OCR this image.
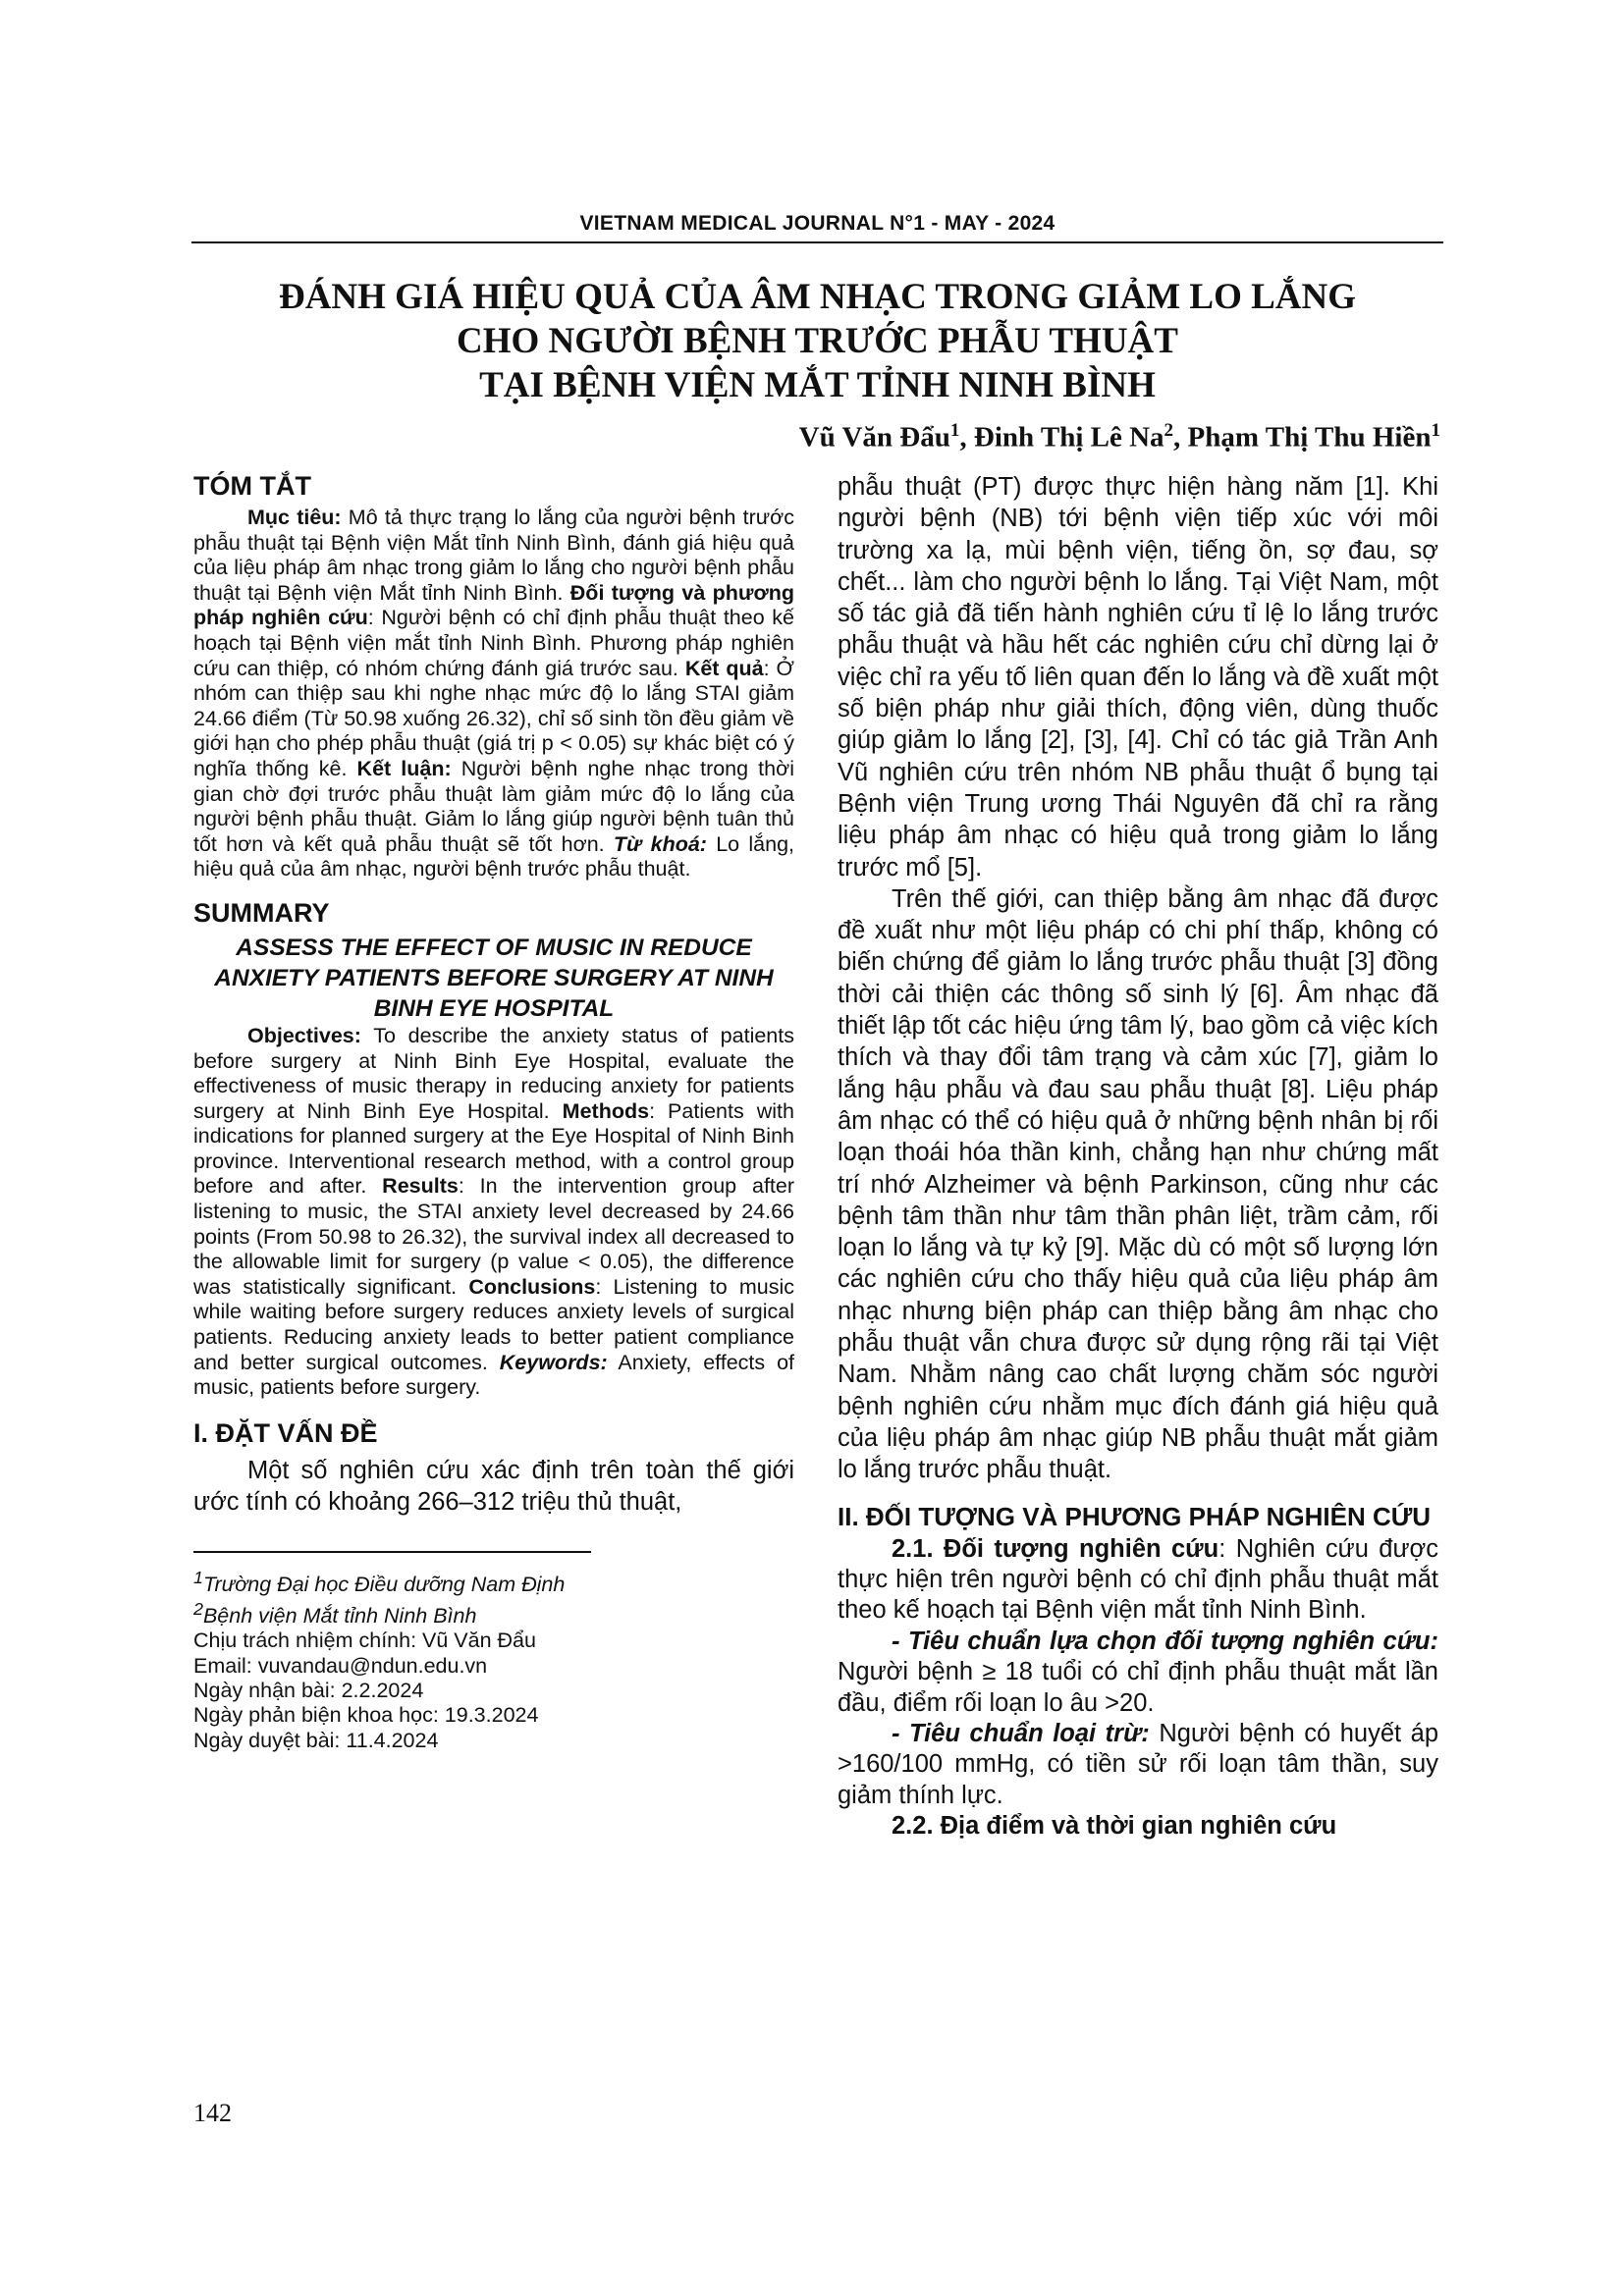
VIETNAM MEDICAL JOURNAL N°1 - MAY - 2024
ĐÁNH GIÁ HIỆU QUẢ CỦA ÂM NHẠC TRONG GIẢM LO LẮNG
CHO NGƯỜI BỆNH TRƯỚC PHẪU THUẬT
TẠI BỆNH VIỆN MẮT TỈNH NINH BÌNH
Vũ Văn Đẩu$^1$, Đinh Thị Lê Na$^2$, Phạm Thị Thu Hiền$^1$
TÓM TẮT

Mục tiêu: Mô tả thực trạng lo lắng của người bệnh trước phẫu thuật tại Bệnh viện Mắt tỉnh Ninh Bình, đánh giá hiệu quả của liệu pháp âm nhạc trong giảm lo lắng cho người bệnh phẫu thuật tại Bệnh viện Mắt tỉnh Ninh Bình. Đối tượng và phương pháp nghiên cứu: Người bệnh có chỉ định phẫu thuật theo kế hoạch tại Bệnh viện mắt tỉnh Ninh Bình. Phương pháp nghiên cứu can thiệp, có nhóm chứng đánh giá trước sau. Kết quả: Ở nhóm can thiệp sau khi nghe nhạc mức độ lo lắng STAI giảm 24.66 điểm (Từ 50.98 xuống 26.32), chỉ số sinh tồn đều giảm về giới hạn cho phép phẫu thuật (giá trị p < 0.05) sự khác biệt có ý nghĩa thống kê. Kết luận: Người bệnh nghe nhạc trong thời gian chờ đợi trước phẫu thuật làm giảm mức độ lo lắng của người bệnh phẫu thuật. Giảm lo lắng giúp người bệnh tuân thủ tốt hơn và kết quả phẫu thuật sẽ tốt hơn. Từ khoá: Lo lắng, hiệu quả của âm nhạc, người bệnh trước phẫu thuật.

SUMMARY

ASSESS THE EFFECT OF MUSIC IN REDUCE ANXIETY PATIENTS BEFORE SURGERY AT NINH BINH EYE HOSPITAL

Objectives: To describe the anxiety status of patients before surgery at Ninh Binh Eye Hospital, evaluate the effectiveness of music therapy in reducing anxiety for patients surgery at Ninh Binh Eye Hospital. Methods: Patients with indications for planned surgery at the Eye Hospital of Ninh Binh province. Interventional research method, with a control group before and after. Results: In the intervention group after listening to music, the STAI anxiety level decreased by 24.66 points (From 50.98 to 26.32), the survival index all decreased to the allowable limit for surgery (p value < 0.05), the difference was statistically significant. Conclusions: Listening to music while waiting before surgery reduces anxiety levels of surgical patients. Reducing anxiety leads to better patient compliance and better surgical outcomes. Keywords: Anxiety, effects of music, patients before surgery.

I. ĐẶT VẤN ĐỀ

Một số nghiên cứu xác định trên toàn thế giới ước tính có khoảng 266–312 triệu thủ thuật,

$^1$Trường Đại học Điều dưỡng Nam Định

$^2$Bệnh viện Mắt tỉnh Ninh Bình

Chịu trách nhiệm chính: Vũ Văn Đẩu

Email: vuvandau@ndun.edu.vn

Ngày nhận bài: 2.2.2024

Ngày phản biện khoa học: 19.3.2024

Ngày duyệt bài: 11.4.2024

phẫu thuật (PT) được thực hiện hàng năm [1]. Khi người bệnh (NB) tới bệnh viện tiếp xúc với môi trường xa lạ, mùi bệnh viện, tiếng ồn, sợ đau, sợ chết... làm cho người bệnh lo lắng. Tại Việt Nam, một số tác giả đã tiến hành nghiên cứu tỉ lệ lo lắng trước phẫu thuật và hầu hết các nghiên cứu chỉ dừng lại ở việc chỉ ra yếu tố liên quan đến lo lắng và đề xuất một số biện pháp như giải thích, động viên, dùng thuốc giúp giảm lo lắng [2], [3], [4]. Chỉ có tác giả Trần Anh Vũ nghiên cứu trên nhóm NB phẫu thuật ổ bụng tại Bệnh viện Trung ương Thái Nguyên đã chỉ ra rằng liệu pháp âm nhạc có hiệu quả trong giảm lo lắng trước mổ [5].

Trên thế giới, can thiệp bằng âm nhạc đã được đề xuất như một liệu pháp có chi phí thấp, không có biến chứng để giảm lo lắng trước phẫu thuật [3] đồng thời cải thiện các thông số sinh lý [6]. Âm nhạc đã thiết lập tốt các hiệu ứng tâm lý, bao gồm cả việc kích thích và thay đổi tâm trạng và cảm xúc [7], giảm lo lắng hậu phẫu và đau sau phẫu thuật [8]. Liệu pháp âm nhạc có thể có hiệu quả ở những bệnh nhân bị rối loạn thoái hóa thần kinh, chẳng hạn như chứng mất trí nhớ Alzheimer và bệnh Parkinson, cũng như các bệnh tâm thần như tâm thần phân liệt, trầm cảm, rối loạn lo lắng và tự kỷ [9]. Mặc dù có một số lượng lớn các nghiên cứu cho thấy hiệu quả của liệu pháp âm nhạc nhưng biện pháp can thiệp bằng âm nhạc cho phẫu thuật vẫn chưa được sử dụng rộng rãi tại Việt Nam. Nhằm nâng cao chất lượng chăm sóc người bệnh nghiên cứu nhằm mục đích đánh giá hiệu quả của liệu pháp âm nhạc giúp NB phẫu thuật mắt giảm lo lắng trước phẫu thuật.

II. ĐỐI TƯỢNG VÀ PHƯƠNG PHÁP NGHIÊN CỨU

2.1. Đối tượng nghiên cứu: Nghiên cứu được thực hiện trên người bệnh có chỉ định phẫu thuật mắt theo kế hoạch tại Bệnh viện mắt tỉnh Ninh Bình.

- Tiêu chuẩn lựa chọn đối tượng nghiên cứu: Người bệnh ≥ 18 tuổi có chỉ định phẫu thuật mắt lần đầu, điểm rối loạn lo âu >20.

- Tiêu chuẩn loại trừ: Người bệnh có huyết áp >160/100 mmHg, có tiền sử rối loạn tâm thần, suy giảm thính lực.

2.2. Địa điểm và thời gian nghiên cứu

142
